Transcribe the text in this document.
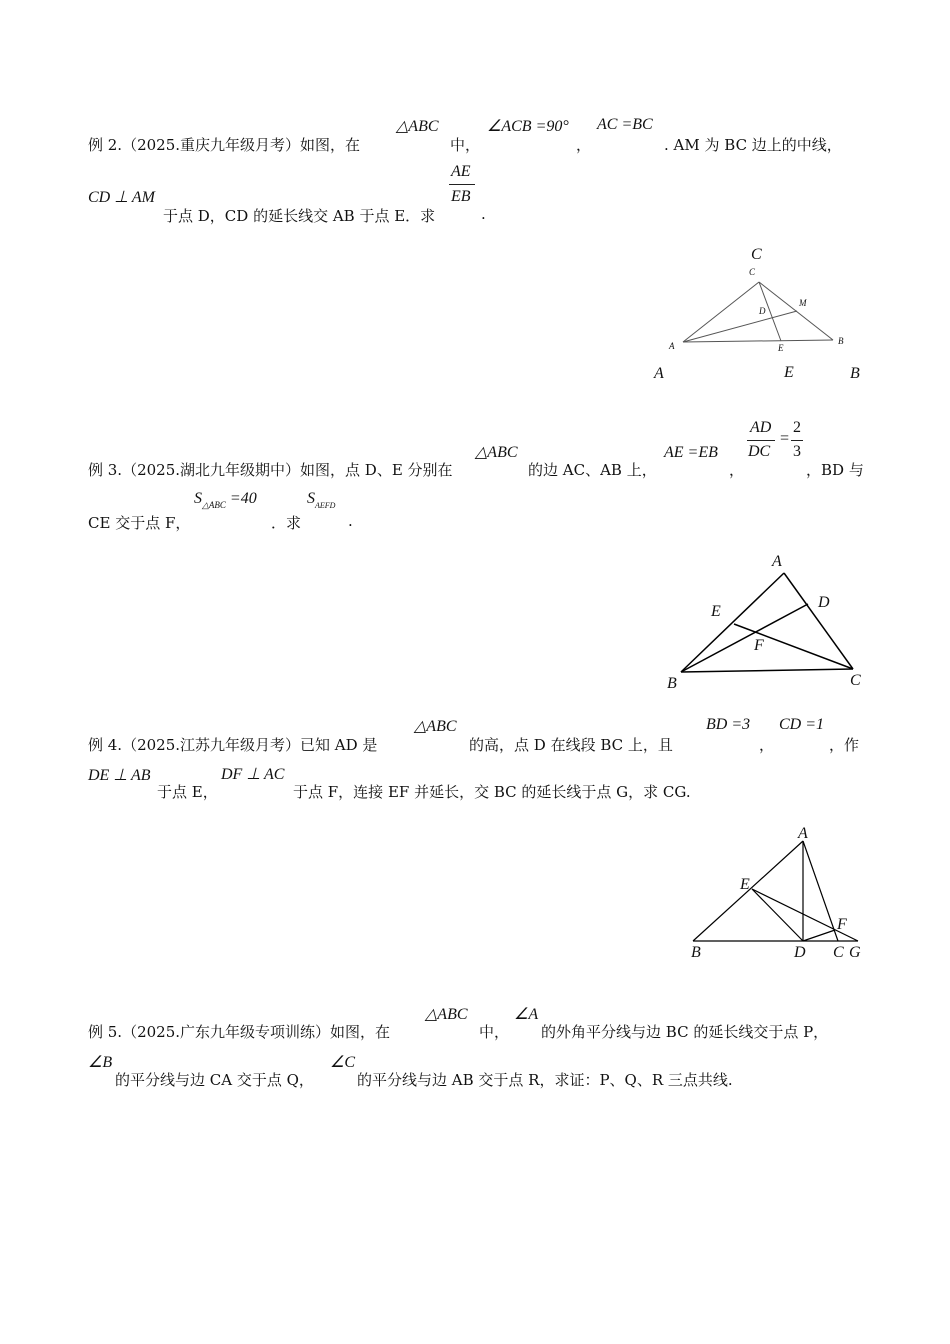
例 2.（2025.重庆九年级月考）如图，在
△ABC
中，
∠ACB =90°
，
AC =BC
. AM 为 BC 边上的中线，
CD ⊥ AM
于点 D，CD 的延长线交 AB 于点 E．求
AE
EB
.
C
C
M
D
A	E
B
A	E	B
例 3.（2025.湖北九年级期中）如图，点 D、E 分别在
△ABC
的边 AC、AB 上，
AE =EB
，
AD
DC
=
2
3
，BD 与
CE 交于点 F，
$S_{\triangle ABC} =40$
．求
$S_{AEFD}$
.
A
D
E
F
B	C
例 4.（2025.江苏九年级月考）已知 AD 是
△ABC
的高，点 D 在线段 BC 上，且
BD =3
，
CD =1
，作
DE ⊥ AB
于点 E，
DF ⊥ AC
于点 F，连接 EF 并延长，交 BC 的延长线于点 G，求 CG.
A
E
F
B	D C G
例 5.（2025.广东九年级专项训练）如图，在
△ABC
中，
∠A
的外角平分线与边 BC 的延长线交于点 P，
∠B
的平分线与边 CA 交于点 Q，
∠C
的平分线与边 AB 交于点 R，求证：P、Q、R 三点共线.
